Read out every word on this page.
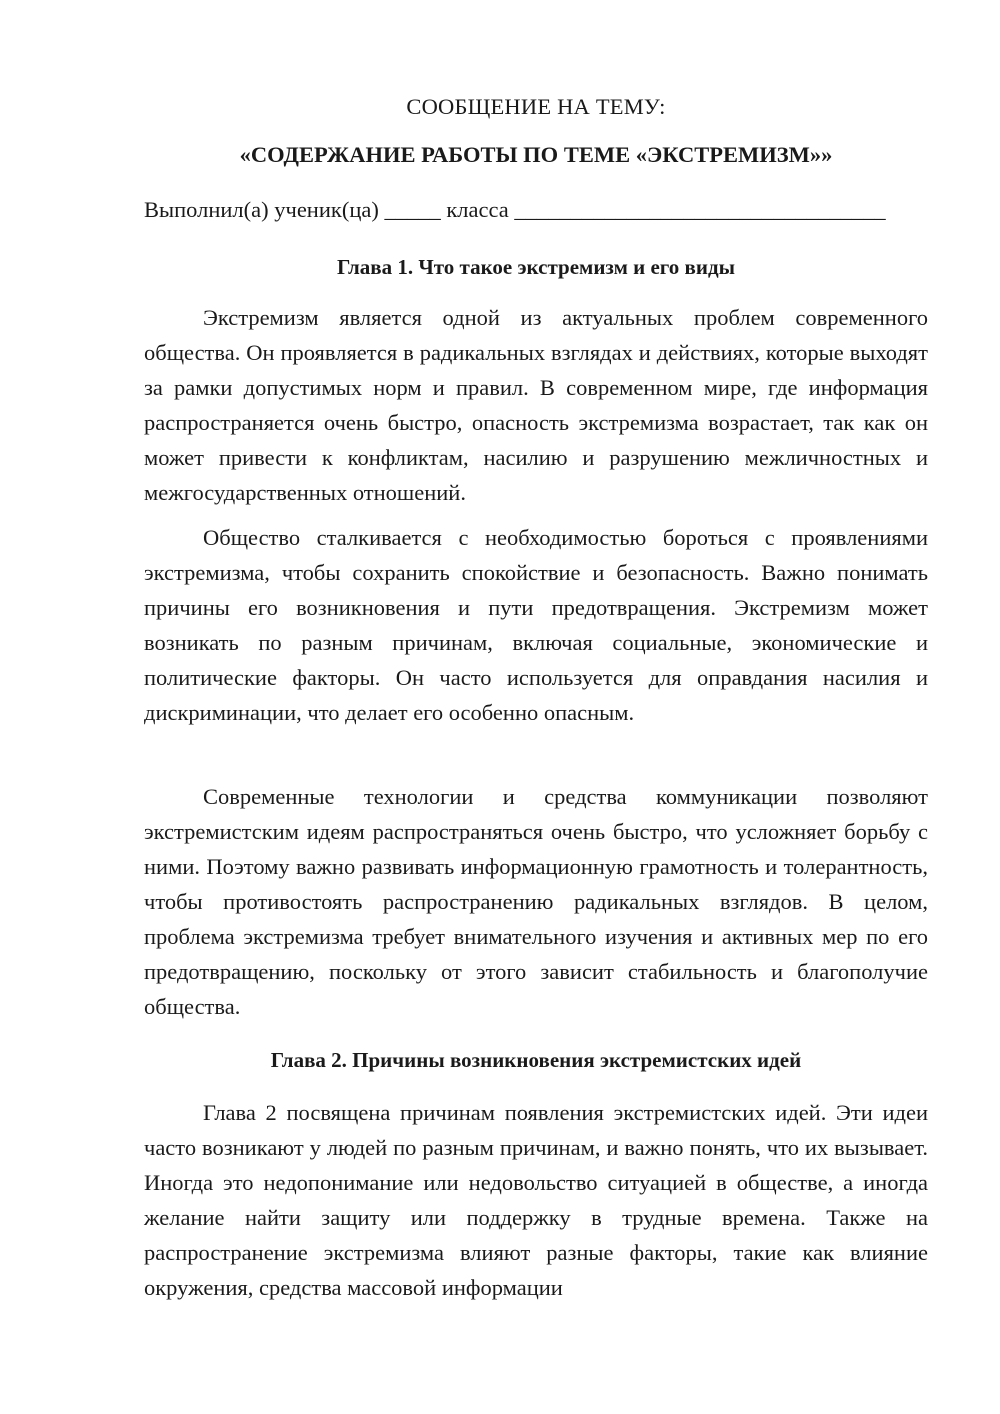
СООБЩЕНИЕ НА ТЕМУ:
«СОДЕРЖАНИЕ РАБОТЫ ПО ТЕМЕ «ЭКСТРЕМИЗМ»»
Выполнил(а) ученик(ца) _____ класса _________________________________
Глава 1. Что такое экстремизм и его виды

Экстремизм является одной из актуальных проблем современного общества. Он проявляется в радикальных взглядах и действиях, которые выходят за рамки допустимых норм и правил. В современном мире, где информация распространяется очень быстро, опасность экстремизма возрастает, так как он может привести к конфликтам, насилию и разрушению межличностных и межгосударственных отношений.

Общество сталкивается с необходимостью бороться с проявлениями экстремизма, чтобы сохранить спокойствие и безопасность. Важно понимать причины его возникновения и пути предотвращения. Экстремизм может возникать по разным причинам, включая социальные, экономические и политические факторы. Он часто используется для оправдания насилия и дискриминации, что делает его особенно опасным.

Современные технологии и средства коммуникации позволяют экстремистским идеям распространяться очень быстро, что усложняет борьбу с ними. Поэтому важно развивать информационную грамотность и толерантность, чтобы противостоять распространению радикальных взглядов. В целом, проблема экстремизма требует внимательного изучения и активных мер по его предотвращению, поскольку от этого зависит стабильность и благополучие общества.

Глава 2. Причины возникновения экстремистских идей

Глава 2 посвящена причинам появления экстремистских идей. Эти идеи часто возникают у людей по разным причинам, и важно понять, что их вызывает. Иногда это недопонимание или недовольство ситуацией в обществе, а иногда желание найти защиту или поддержку в трудные времена. Также на распространение экстремизма влияют разные факторы, такие как влияние окружения, средства массовой информации
